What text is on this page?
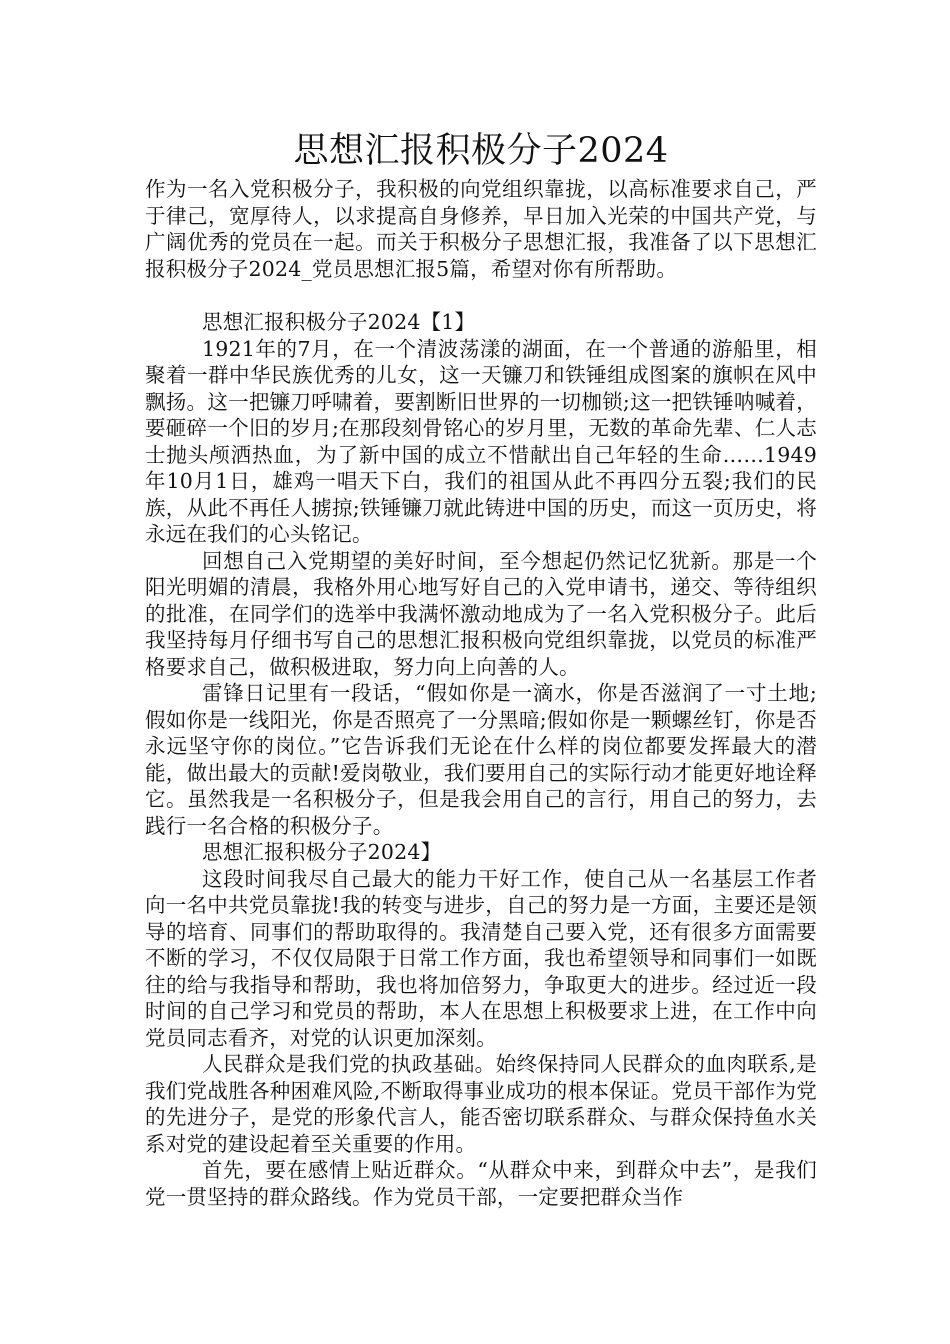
思想汇报积极分子2024

作为一名入党积极分子，我积极的向党组织靠拢，以高标准要求自己，严于律己，宽厚待人，以求提高自身修养，早日加入光荣的中国共产党，与广阔优秀的党员在一起。而关于积极分子思想汇报，我准备了以下思想汇报积极分子2024_党员思想汇报5篇，希望对你有所帮助。

思想汇报积极分子2024【1】

1921年的7月，在一个清波荡漾的湖面，在一个普通的游船里，相聚着一群中华民族优秀的儿女，这一天镰刀和铁锤组成图案的旗帜在风中飘扬。这一把镰刀呼啸着，要割断旧世界的一切枷锁;这一把铁锤呐喊着，要砸碎一个旧的岁月;在那段刻骨铭心的岁月里，无数的革命先辈、仁人志士抛头颅洒热血，为了新中国的成立不惜献出自己年轻的生命……1949年10月1日，雄鸡一唱天下白，我们的祖国从此不再四分五裂;我们的民族，从此不再任人掳掠;铁锤镰刀就此铸进中国的历史，而这一页历史，将永远在我们的心头铭记。

回想自己入党期望的美好时间，至今想起仍然记忆犹新。那是一个阳光明媚的清晨，我格外用心地写好自己的入党申请书，递交、等待组织的批准，在同学们的选举中我满怀激动地成为了一名入党积极分子。此后我坚持每月仔细书写自己的思想汇报积极向党组织靠拢，以党员的标准严格要求自己，做积极进取，努力向上向善的人。

雷锋日记里有一段话，“假如你是一滴水，你是否滋润了一寸土地;假如你是一线阳光，你是否照亮了一分黑暗;假如你是一颗螺丝钉，你是否永远坚守你的岗位。”它告诉我们无论在什么样的岗位都要发挥最大的潜能，做出最大的贡献!爱岗敬业，我们要用自己的实际行动才能更好地诠释它。虽然我是一名积极分子，但是我会用自己的言行，用自己的努力，去践行一名合格的积极分子。

思想汇报积极分子2024】

这段时间我尽自己最大的能力干好工作，使自己从一名基层工作者向一名中共党员靠拢!我的转变与进步，自己的努力是一方面，主要还是领导的培育、同事们的帮助取得的。我清楚自己要入党，还有很多方面需要不断的学习，不仅仅局限于日常工作方面，我也希望领导和同事们一如既往的给与我指导和帮助，我也将加倍努力，争取更大的进步。经过近一段时间的自己学习和党员的帮助，本人在思想上积极要求上进，在工作中向党员同志看齐，对党的认识更加深刻。

人民群众是我们党的执政基础。始终保持同人民群众的血肉联系,是我们党战胜各种困难风险,不断取得事业成功的根本保证。党员干部作为党的先进分子，是党的形象代言人，能否密切联系群众、与群众保持鱼水关系对党的建设起着至关重要的作用。

首先，要在感情上贴近群众。“从群众中来，到群众中去”，是我们党一贯坚持的群众路线。作为党员干部，一定要把群众当作
